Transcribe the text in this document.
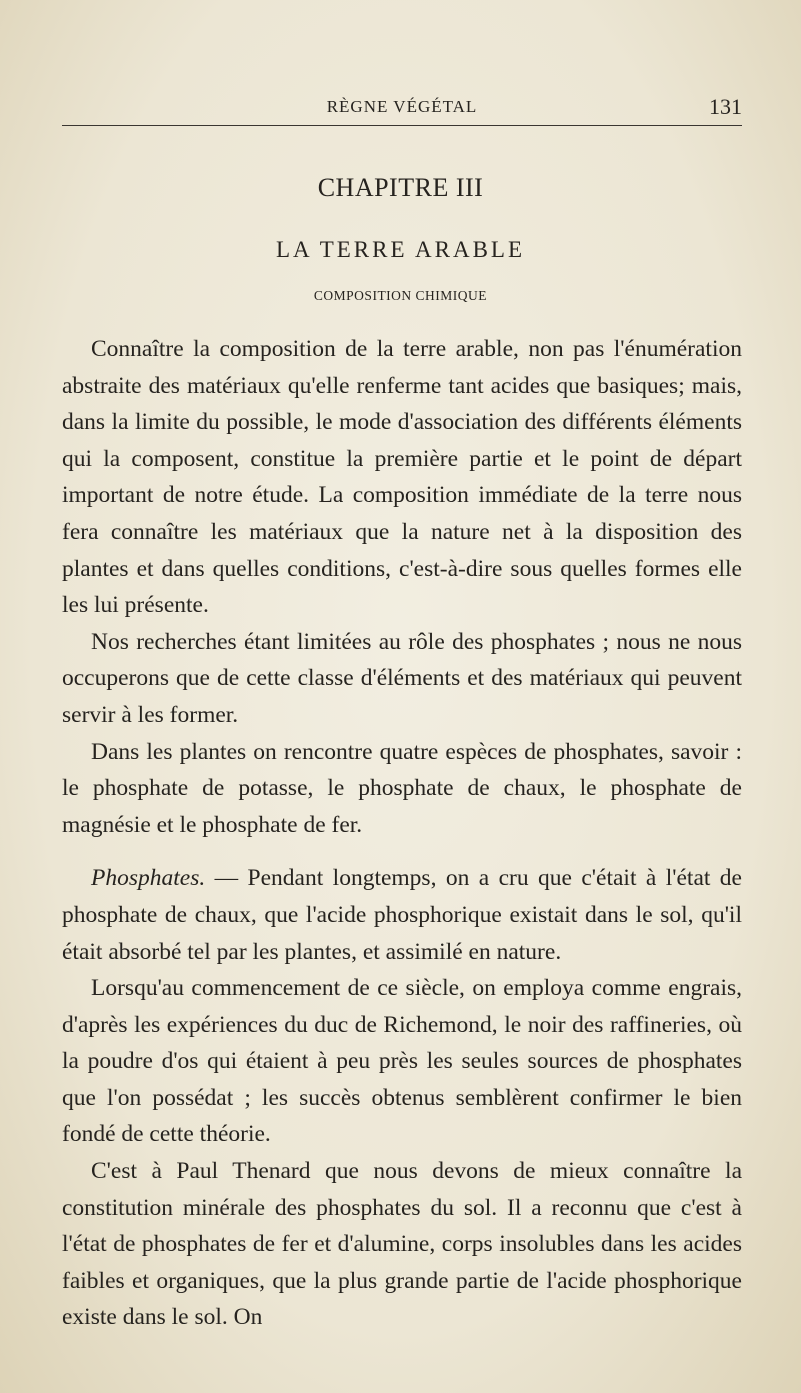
RÈGNE VÉGÉTAL	131
CHAPITRE III
LA TERRE ARABLE
COMPOSITION CHIMIQUE

Connaître la composition de la terre arable, non pas l'énumération abstraite des matériaux qu'elle renferme tant acides que basiques; mais, dans la limite du possible, le mode d'association des différents éléments qui la composent, constitue la première partie et le point de départ important de notre étude. La composition immédiate de la terre nous fera connaître les matériaux que la nature net à la disposition des plantes et dans quelles conditions, c'est-à-dire sous quelles formes elle les lui présente.

Nos recherches étant limitées au rôle des phosphates ; nous ne nous occuperons que de cette classe d'éléments et des matériaux qui peuvent servir à les former.

Dans les plantes on rencontre quatre espèces de phosphates, savoir : le phosphate de potasse, le phosphate de chaux, le phosphate de magnésie et le phosphate de fer.

Phosphates. — Pendant longtemps, on a cru que c'était à l'état de phosphate de chaux, que l'acide phosphorique existait dans le sol, qu'il était absorbé tel par les plantes, et assimilé en nature.

Lorsqu'au commencement de ce siècle, on employa comme engrais, d'après les expériences du duc de Richemond, le noir des raffineries, où la poudre d'os qui étaient à peu près les seules sources de phosphates que l'on possédat ; les succès obtenus semblèrent confirmer le bien fondé de cette théorie.

C'est à Paul Thenard que nous devons de mieux connaître la constitution minérale des phosphates du sol. Il a reconnu que c'est à l'état de phosphates de fer et d'alumine, corps insolubles dans les acides faibles et organiques, que la plus grande partie de l'acide phosphorique existe dans le sol. On
